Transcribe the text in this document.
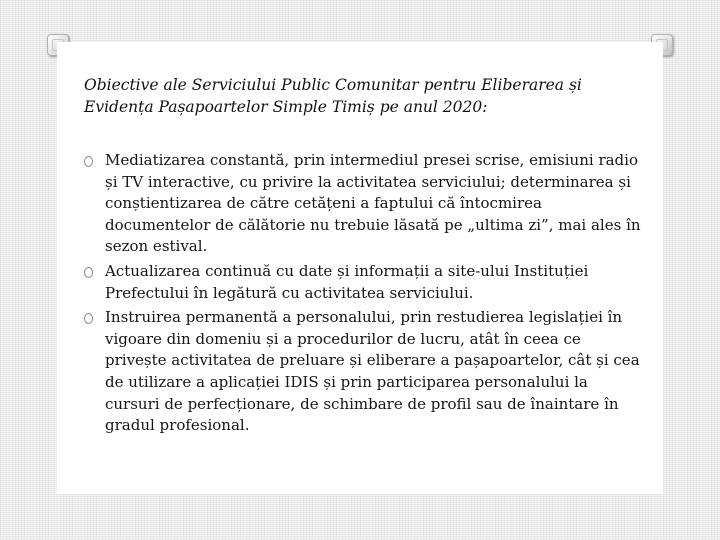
Obiective ale Serviciului Public Comunitar pentru Eliberarea și Evidența Pașapoartelor Simple Timiș pe anul 2020:
Mediatizarea constantă, prin intermediul presei scrise, emisiuni radio și TV interactive, cu privire la activitatea serviciului; determinarea și conștientizarea de către cetățeni a faptului că întocmirea documentelor de călătorie nu trebuie lăsată pe „ultima zi”, mai ales în sezon estival.
Actualizarea continuă cu date și informații a site-ului Instituției Prefectului în legătură cu activitatea serviciului.
Instruirea permanentă a personalului, prin restudierea legislației în vigoare din domeniu și a procedurilor de lucru, atât în ceea ce privește activitatea de preluare și eliberare a pașapoartelor, cât și cea de utilizare a aplicației IDIS și prin participarea personalului la cursuri de perfecționare, de schimbare de profil sau de înaintare în gradul profesional.
